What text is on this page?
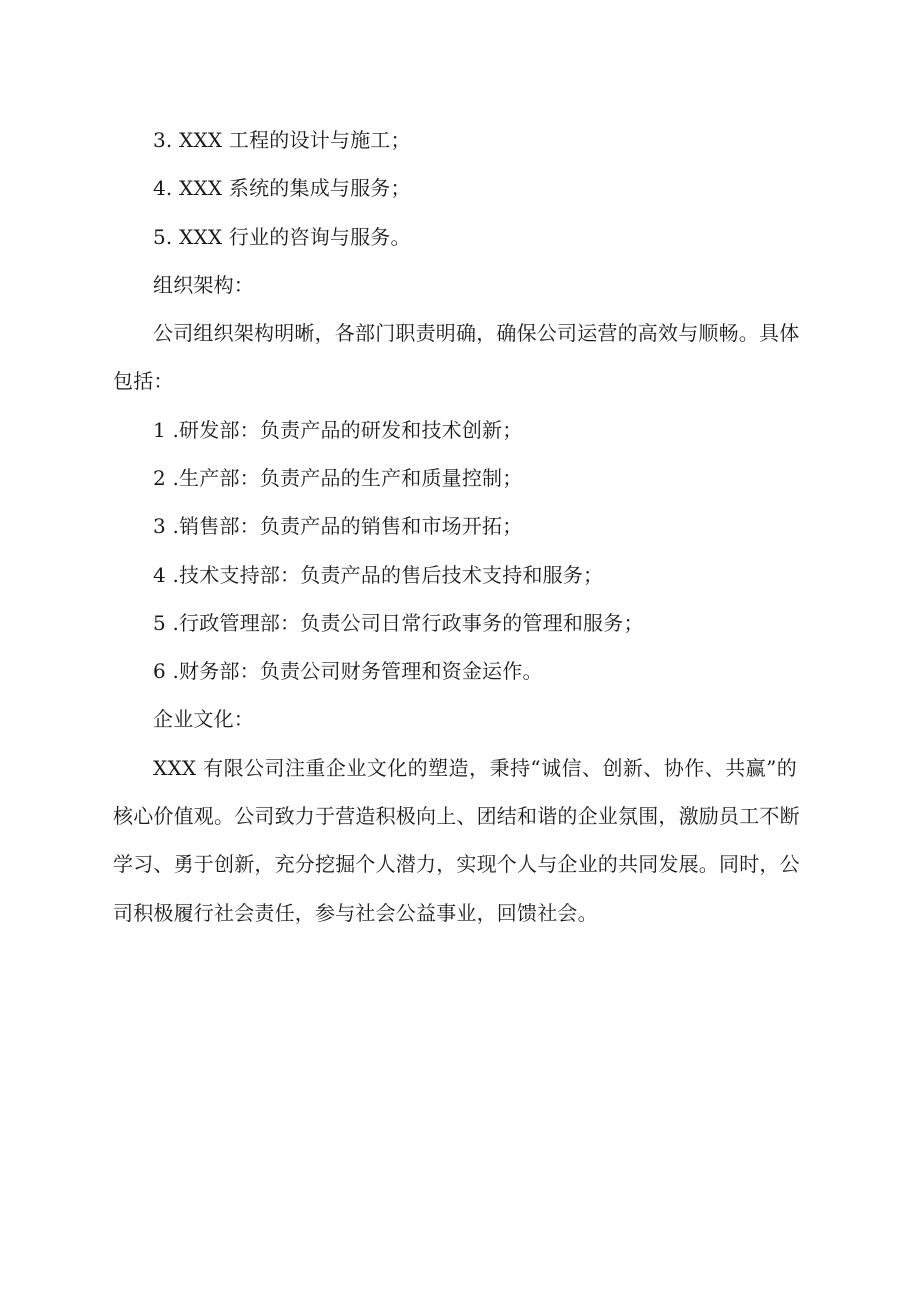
3. XXX 工程的设计与施工；
4. XXX 系统的集成与服务；
5. XXX 行业的咨询与服务。
组织架构：
公司组织架构明晰，各部门职责明确，确保公司运营的高效与顺畅。具体
包括：
1 .研发部：负责产品的研发和技术创新；
2 .生产部：负责产品的生产和质量控制；
3 .销售部：负责产品的销售和市场开拓；
4 .技术支持部：负责产品的售后技术支持和服务；
5 .行政管理部：负责公司日常行政事务的管理和服务；
6 .财务部：负责公司财务管理和资金运作。
企业文化：
XXX 有限公司注重企业文化的塑造，秉持“诚信、创新、协作、共赢”的
核心价值观。公司致力于营造积极向上、团结和谐的企业氛围，激励员工不断
学习、勇于创新，充分挖掘个人潜力，实现个人与企业的共同发展。同时，公
司积极履行社会责任，参与社会公益事业，回馈社会。
